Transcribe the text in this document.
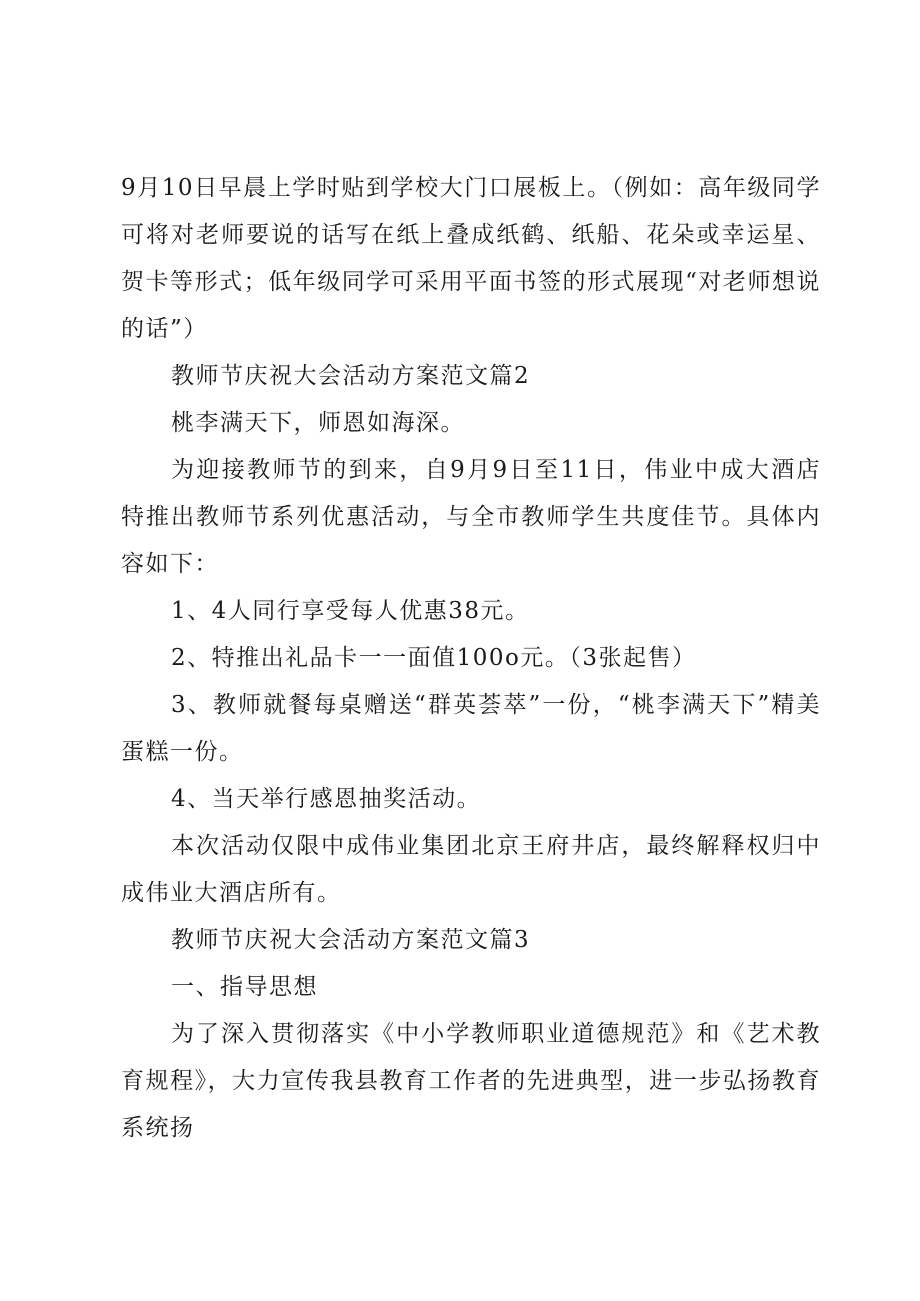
9月10日早晨上学时贴到学校大门口展板上。（例如：高年级同学可将对老师要说的话写在纸上叠成纸鹤、纸船、花朵或幸运星、贺卡等形式；低年级同学可采用平面书签的形式展现“对老师想说的话”）

教师节庆祝大会活动方案范文篇2

桃李满天下，师恩如海深。

为迎接教师节的到来，自9月9日至11日，伟业中成大酒店特推出教师节系列优惠活动，与全市教师学生共度佳节。具体内容如下：

1、4人同行享受每人优惠38元。

2、特推出礼品卡一一面值100o元。（3张起售）

3、教师就餐每桌赠送“群英荟萃”一份，“桃李满天下”精美蛋糕一份。

4、当天举行感恩抽奖活动。

本次活动仅限中成伟业集团北京王府井店，最终解释权归中成伟业大酒店所有。

教师节庆祝大会活动方案范文篇3

一、指导思想

为了深入贯彻落实《中小学教师职业道德规范》和《艺术教育规程》，大力宣传我县教育工作者的先进典型，进一步弘扬教育系统扬
